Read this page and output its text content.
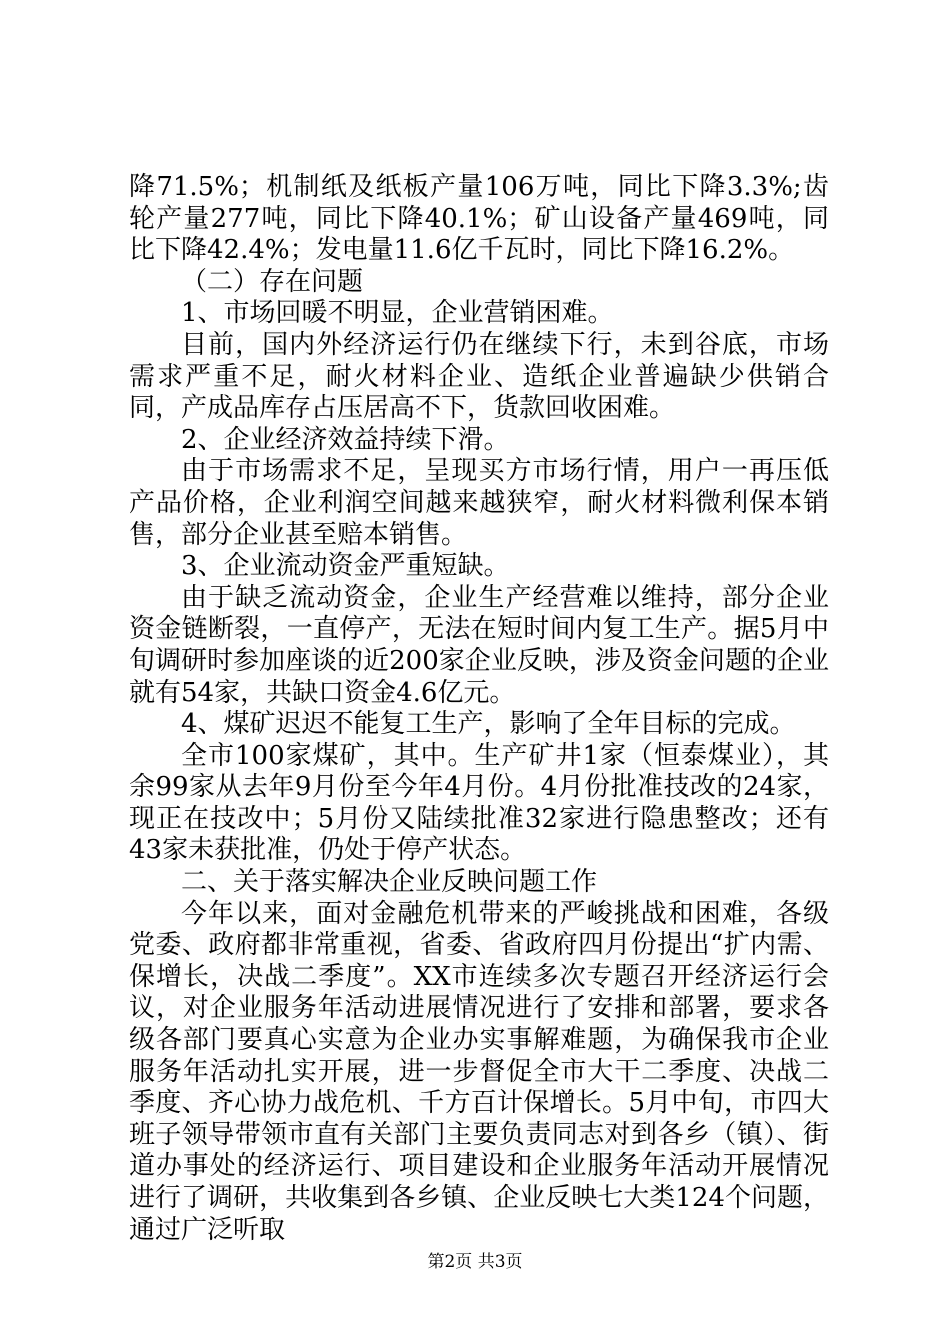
降71.5%；机制纸及纸板产量106万吨，同比下降3.3%;齿轮产量277吨，同比下降40.1%；矿山设备产量469吨，同比下降42.4%；发电量11.6亿千瓦时，同比下降16.2%。

（二）存在问题

1、市场回暖不明显，企业营销困难。

目前，国内外经济运行仍在继续下行，未到谷底，市场需求严重不足，耐火材料企业、造纸企业普遍缺少供销合同，产成品库存占压居高不下，货款回收困难。

2、企业经济效益持续下滑。

由于市场需求不足，呈现买方市场行情，用户一再压低产品价格，企业利润空间越来越狭窄，耐火材料微利保本销售，部分企业甚至赔本销售。

3、企业流动资金严重短缺。

由于缺乏流动资金，企业生产经营难以维持，部分企业资金链断裂，一直停产，无法在短时间内复工生产。据5月中旬调研时参加座谈的近200家企业反映，涉及资金问题的企业就有54家，共缺口资金4.6亿元。

4、煤矿迟迟不能复工生产，影响了全年目标的完成。

全市100家煤矿，其中。生产矿井1家（恒泰煤业），其余99家从去年9月份至今年4月份。4月份批准技改的24家，现正在技改中；5月份又陆续批准32家进行隐患整改；还有43家未获批准，仍处于停产状态。

二、关于落实解决企业反映问题工作

今年以来，面对金融危机带来的严峻挑战和困难，各级党委、政府都非常重视，省委、省政府四月份提出“扩内需、保增长，决战二季度”。XX市连续多次专题召开经济运行会议，对企业服务年活动进展情况进行了安排和部署，要求各级各部门要真心实意为企业办实事解难题，为确保我市企业服务年活动扎实开展，进一步督促全市大干二季度、决战二季度、齐心协力战危机、千方百计保增长。5月中旬，市四大班子领导带领市直有关部门主要负责同志对到各乡（镇）、街道办事处的经济运行、项目建设和企业服务年活动开展情况进行了调研，共收集到各乡镇、企业反映七大类124个问题，通过广泛听取

第2页 共3页
